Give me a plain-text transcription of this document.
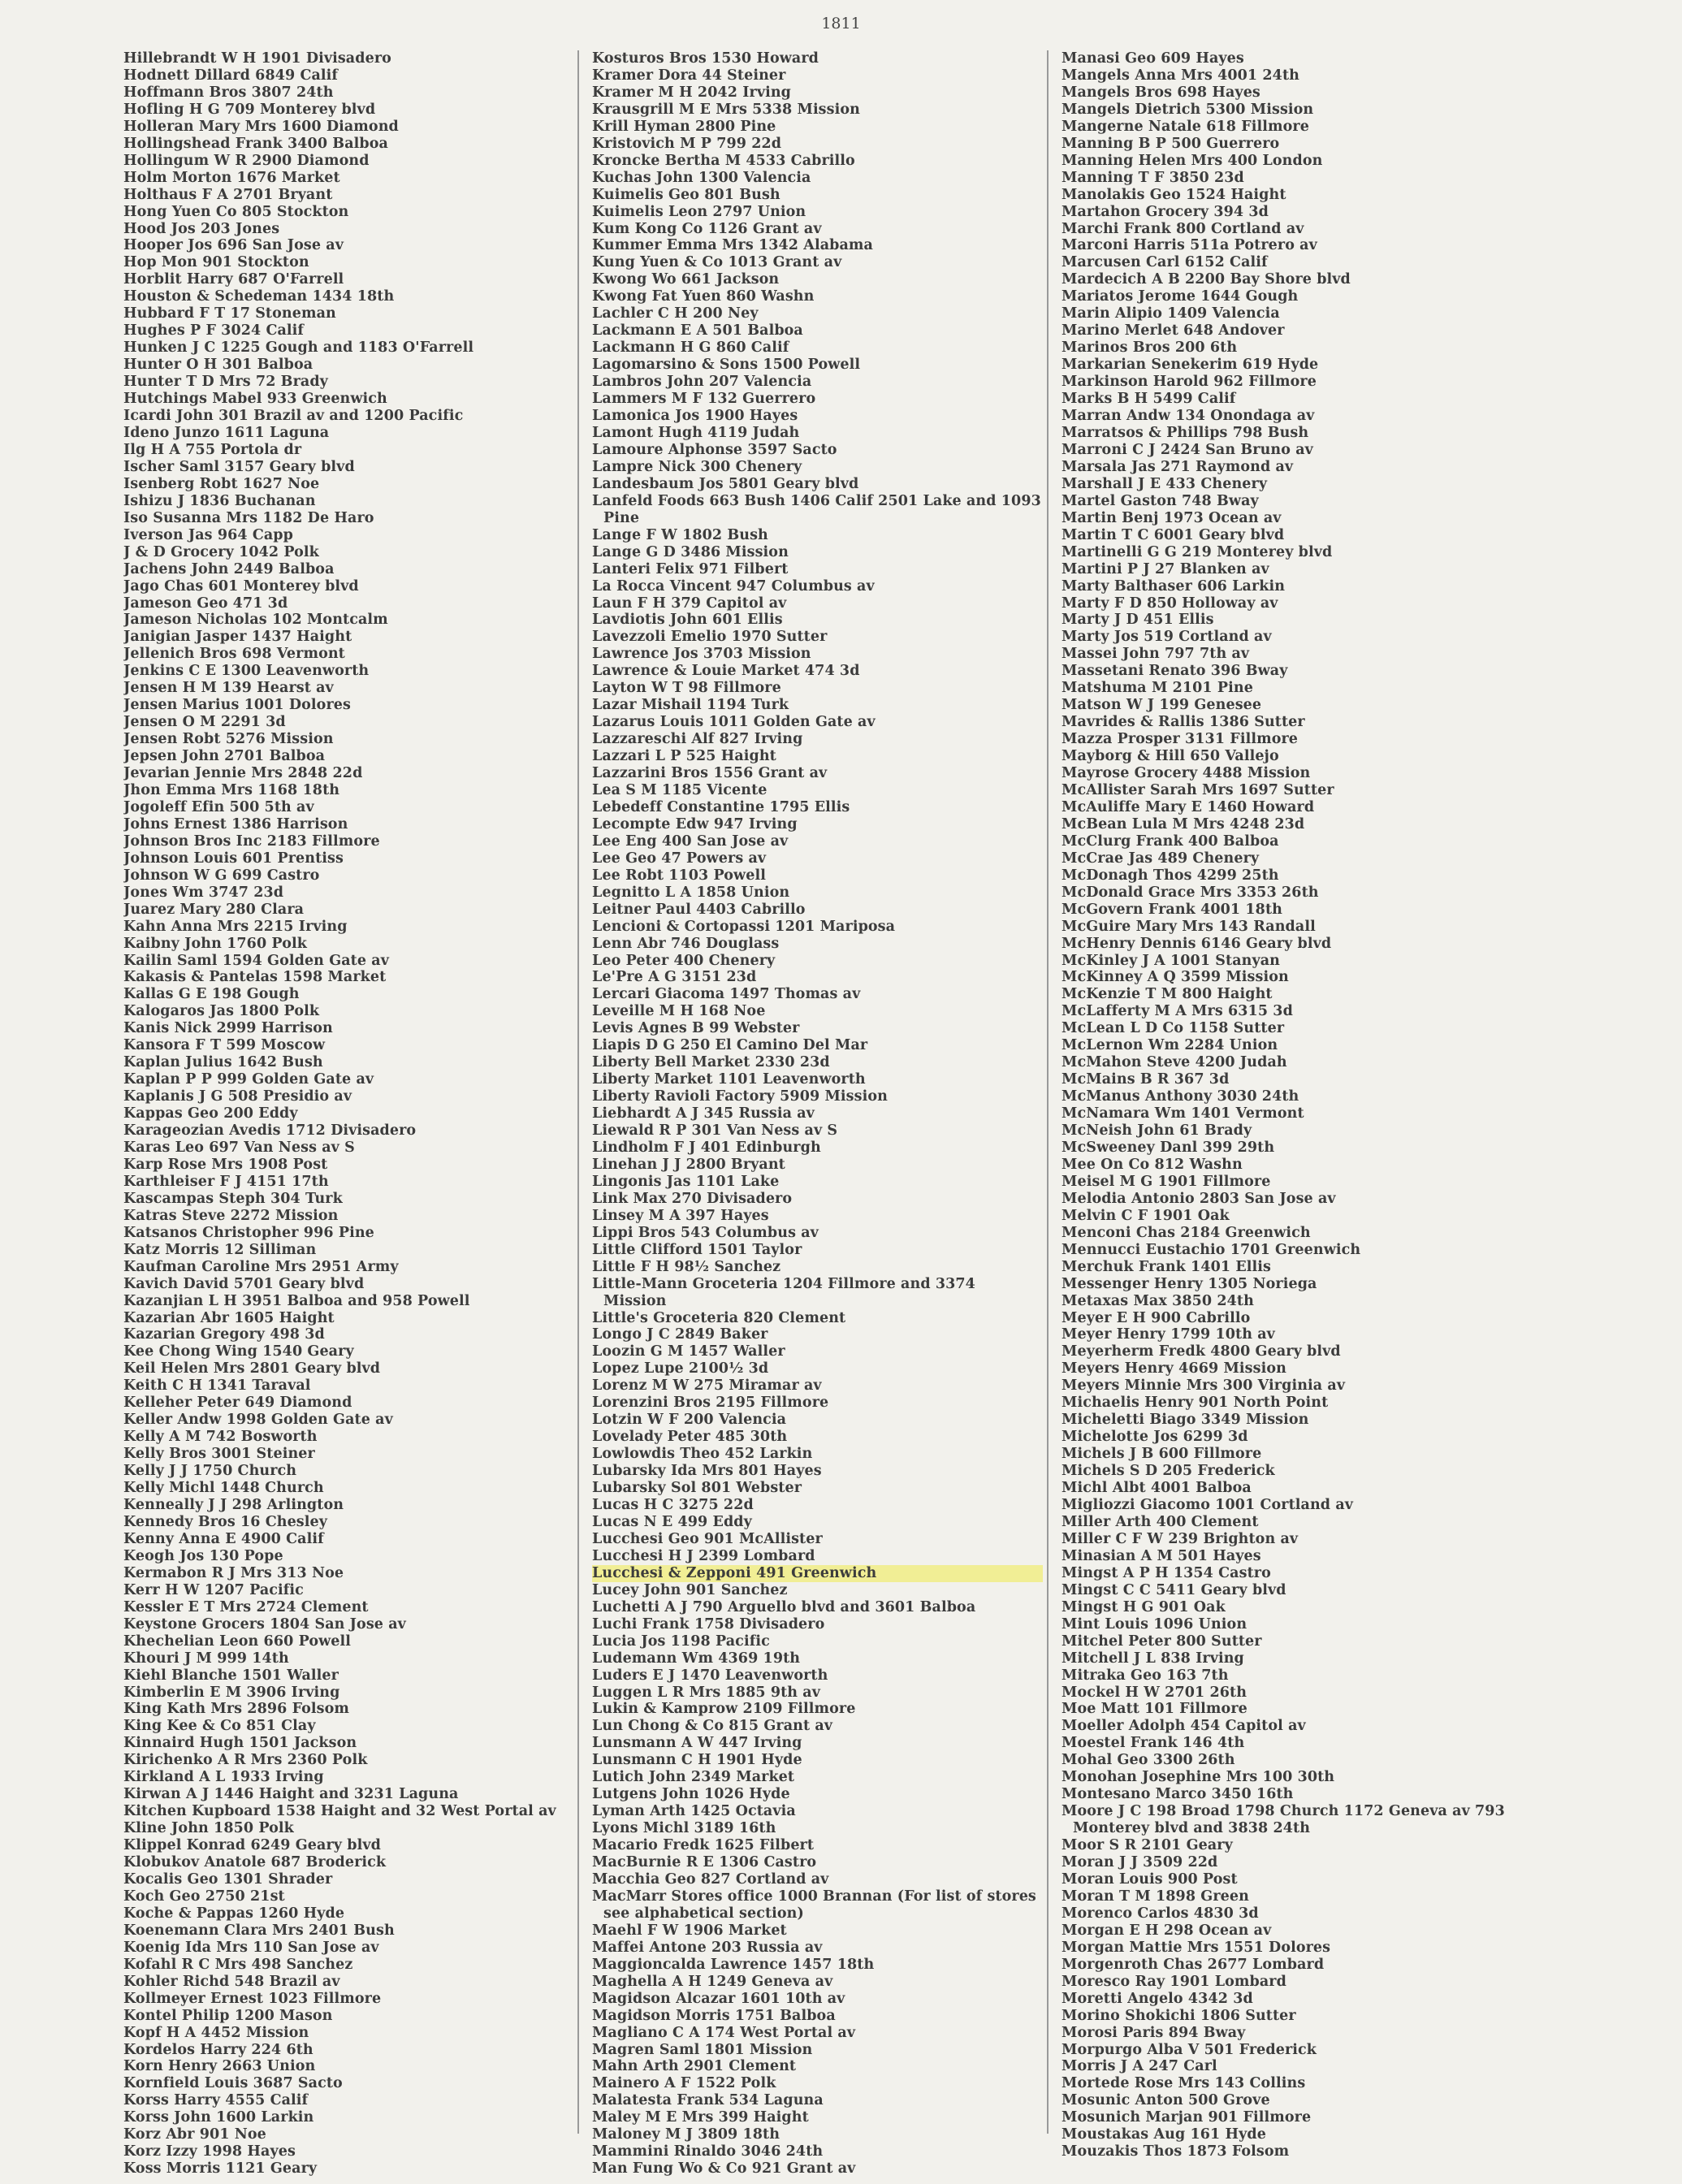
1811
Hillebrandt W H 1901 Divisadero
Hodnett Dillard 6849 Calif
Hoffmann Bros 3807 24th
Hofling H G 709 Monterey blvd
Holleran Mary Mrs 1600 Diamond
Hollingshead Frank 3400 Balboa
Hollingum W R 2900 Diamond
Holm Morton 1676 Market
Holthaus F A 2701 Bryant
Hong Yuen Co 805 Stockton
Hood Jos 203 Jones
Hooper Jos 696 San Jose av
Hop Mon 901 Stockton
Horblit Harry 687 O'Farrell
Houston & Schedeman 1434 18th
Hubbard F T 17 Stoneman
Hughes P F 3024 Calif
Hunken J C 1225 Gough and 1183 O'Farrell
Hunter O H 301 Balboa
Hunter T D Mrs 72 Brady
Hutchings Mabel 933 Greenwich
Icardi John 301 Brazil av and 1200 Pacific
Ideno Junzo 1611 Laguna
Ilg H A 755 Portola dr
Ischer Saml 3157 Geary blvd
Isenberg Robt 1627 Noe
Ishizu J 1836 Buchanan
Iso Susanna Mrs 1182 De Haro
Iverson Jas 964 Capp
J & D Grocery 1042 Polk
Jachens John 2449 Balboa
Jago Chas 601 Monterey blvd
Jameson Geo 471 3d
Jameson Nicholas 102 Montcalm
Janigian Jasper 1437 Haight
Jellenich Bros 698 Vermont
Jenkins C E 1300 Leavenworth
Jensen H M 139 Hearst av
Jensen Marius 1001 Dolores
Jensen O M 2291 3d
Jensen Robt 5276 Mission
Jepsen John 2701 Balboa
Jevarian Jennie Mrs 2848 22d
Jhon Emma Mrs 1168 18th
Jogoleff Efin 500 5th av
Johns Ernest 1386 Harrison
Johnson Bros Inc 2183 Fillmore
Johnson Louis 601 Prentiss
Johnson W G 699 Castro
Jones Wm 3747 23d
Juarez Mary 280 Clara
Kahn Anna Mrs 2215 Irving
Kaibny John 1760 Polk
Kailin Saml 1594 Golden Gate av
Kakasis & Pantelas 1598 Market
Kallas G E 198 Gough
Kalogaros Jas 1800 Polk
Kanis Nick 2999 Harrison
Kansora F T 599 Moscow
Kaplan Julius 1642 Bush
Kaplan P P 999 Golden Gate av
Kaplanis J G 508 Presidio av
Kappas Geo 200 Eddy
Karageozian Avedis 1712 Divisadero
Karas Leo 697 Van Ness av S
Karp Rose Mrs 1908 Post
Karthleiser F J 4151 17th
Kascampas Steph 304 Turk
Katras Steve 2272 Mission
Katsanos Christopher 996 Pine
Katz Morris 12 Silliman
Kaufman Caroline Mrs 2951 Army
Kavich David 5701 Geary blvd
Kazanjian L H 3951 Balboa and 958 Powell
Kazarian Abr 1605 Haight
Kazarian Gregory 498 3d
Kee Chong Wing 1540 Geary
Keil Helen Mrs 2801 Geary blvd
Keith C H 1341 Taraval
Kelleher Peter 649 Diamond
Keller Andw 1998 Golden Gate av
Kelly A M 742 Bosworth
Kelly Bros 3001 Steiner
Kelly J J 1750 Church
Kelly Michl 1448 Church
Kenneally J J 298 Arlington
Kennedy Bros 16 Chesley
Kenny Anna E 4900 Calif
Keogh Jos 130 Pope
Kermabon R J Mrs 313 Noe
Kerr H W 1207 Pacific
Kessler E T Mrs 2724 Clement
Keystone Grocers 1804 San Jose av
Khechelian Leon 660 Powell
Khouri J M 999 14th
Kiehl Blanche 1501 Waller
Kimberlin E M 3906 Irving
King Kath Mrs 2896 Folsom
King Kee & Co 851 Clay
Kinnaird Hugh 1501 Jackson
Kirichenko A R Mrs 2360 Polk
Kirkland A L 1933 Irving
Kirwan A J 1446 Haight and 3231 Laguna
Kitchen Kupboard 1538 Haight and 32 West Portal av
Kline John 1850 Polk
Klippel Konrad 6249 Geary blvd
Klobukov Anatole 687 Broderick
Kocalis Geo 1301 Shrader
Koch Geo 2750 21st
Koche & Pappas 1260 Hyde
Koenemann Clara Mrs 2401 Bush
Koenig Ida Mrs 110 San Jose av
Kofahl R C Mrs 498 Sanchez
Kohler Richd 548 Brazil av
Kollmeyer Ernest 1023 Fillmore
Kontel Philip 1200 Mason
Kopf H A 4452 Mission
Kordelos Harry 224 6th
Korn Henry 2663 Union
Kornfield Louis 3687 Sacto
Korss Harry 4555 Calif
Korss John 1600 Larkin
Korz Abr 901 Noe
Korz Izzy 1998 Hayes
Koss Morris 1121 Geary
Kosturos Bros 1530 Howard
Kramer Dora 44 Steiner
Kramer M H 2042 Irving
Krausgrill M E Mrs 5338 Mission
Krill Hyman 2800 Pine
Kristovich M P 799 22d
Kroncke Bertha M 4533 Cabrillo
Kuchas John 1300 Valencia
Kuimelis Geo 801 Bush
Kuimelis Leon 2797 Union
Kum Kong Co 1126 Grant av
Kummer Emma Mrs 1342 Alabama
Kung Yuen & Co 1013 Grant av
Kwong Wo 661 Jackson
Kwong Fat Yuen 860 Washn
Lachler C H 200 Ney
Lackmann E A 501 Balboa
Lackmann H G 860 Calif
Lagomarsino & Sons 1500 Powell
Lambros John 207 Valencia
Lammers M F 132 Guerrero
Lamonica Jos 1900 Hayes
Lamont Hugh 4119 Judah
Lamoure Alphonse 3597 Sacto
Lampre Nick 300 Chenery
Landesbaum Jos 5801 Geary blvd
Lanfeld Foods 663 Bush 1406 Calif 2501 Lake and 1093 Pine
Lange F W 1802 Bush
Lange G D 3486 Mission
Lanteri Felix 971 Filbert
La Rocca Vincent 947 Columbus av
Laun F H 379 Capitol av
Lavdiotis John 601 Ellis
Lavezzoli Emelio 1970 Sutter
Lawrence Jos 3703 Mission
Lawrence & Louie Market 474 3d
Layton W T 98 Fillmore
Lazar Mishail 1194 Turk
Lazarus Louis 1011 Golden Gate av
Lazzareschi Alf 827 Irving
Lazzari L P 525 Haight
Lazzarini Bros 1556 Grant av
Lea S M 1185 Vicente
Lebedeff Constantine 1795 Ellis
Lecompte Edw 947 Irving
Lee Eng 400 San Jose av
Lee Geo 47 Powers av
Lee Robt 1103 Powell
Legnitto L A 1858 Union
Leitner Paul 4403 Cabrillo
Lencioni & Cortopassi 1201 Mariposa
Lenn Abr 746 Douglass
Leo Peter 400 Chenery
Le'Pre A G 3151 23d
Lercari Giacoma 1497 Thomas av
Leveille M H 168 Noe
Levis Agnes B 99 Webster
Liapis D G 250 El Camino Del Mar
Liberty Bell Market 2330 23d
Liberty Market 1101 Leavenworth
Liberty Ravioli Factory 5909 Mission
Liebhardt A J 345 Russia av
Liewald R P 301 Van Ness av S
Lindholm F J 401 Edinburgh
Linehan J J 2800 Bryant
Lingonis Jas 1101 Lake
Link Max 270 Divisadero
Linsey M A 397 Hayes
Lippi Bros 543 Columbus av
Little Clifford 1501 Taylor
Little F H 98½ Sanchez
Little-Mann Groceteria 1204 Fillmore and 3374 Mission
Little's Groceteria 820 Clement
Longo J C 2849 Baker
Loozin G M 1457 Waller
Lopez Lupe 2100½ 3d
Lorenz M W 275 Miramar av
Lorenzini Bros 2195 Fillmore
Lotzin W F 200 Valencia
Lovelady Peter 485 30th
Lowlowdis Theo 452 Larkin
Lubarsky Ida Mrs 801 Hayes
Lubarsky Sol 801 Webster
Lucas H C 3275 22d
Lucas N E 499 Eddy
Lucchesi Geo 901 McAllister
Lucchesi H J 2399 Lombard
Lucchesi & Zepponi 491 Greenwich
Lucey John 901 Sanchez
Luchetti A J 790 Arguello blvd and 3601 Balboa
Luchi Frank 1758 Divisadero
Lucia Jos 1198 Pacific
Ludemann Wm 4369 19th
Luders E J 1470 Leavenworth
Luggen L R Mrs 1885 9th av
Lukin & Kamprow 2109 Fillmore
Lun Chong & Co 815 Grant av
Lunsmann A W 447 Irving
Lunsmann C H 1901 Hyde
Lutich John 2349 Market
Lutgens John 1026 Hyde
Lyman Arth 1425 Octavia
Lyons Michl 3189 16th
Macario Fredk 1625 Filbert
MacBurnie R E 1306 Castro
Macchia Geo 827 Cortland av
MacMarr Stores office 1000 Brannan (For list of stores see alphabetical section)
Maehl F W 1906 Market
Maffei Antone 203 Russia av
Maggioncalda Lawrence 1457 18th
Maghella A H 1249 Geneva av
Magidson Alcazar 1601 10th av
Magidson Morris 1751 Balboa
Magliano C A 174 West Portal av
Magren Saml 1801 Mission
Mahn Arth 2901 Clement
Mainero A F 1522 Polk
Malatesta Frank 534 Laguna
Maley M E Mrs 399 Haight
Maloney M J 3809 18th
Mammini Rinaldo 3046 24th
Man Fung Wo & Co 921 Grant av
Manasi Geo 609 Hayes
Mangels Anna Mrs 4001 24th
Mangels Bros 698 Hayes
Mangels Dietrich 5300 Mission
Mangerne Natale 618 Fillmore
Manning B P 500 Guerrero
Manning Helen Mrs 400 London
Manning T F 3850 23d
Manolakis Geo 1524 Haight
Martahon Grocery 394 3d
Marchi Frank 800 Cortland av
Marconi Harris 511a Potrero av
Marcusen Carl 6152 Calif
Mardecich A B 2200 Bay Shore blvd
Mariatos Jerome 1644 Gough
Marin Alipio 1409 Valencia
Marino Merlet 648 Andover
Marinos Bros 200 6th
Markarian Senekerim 619 Hyde
Markinson Harold 962 Fillmore
Marks B H 5499 Calif
Marran Andw 134 Onondaga av
Marratsos & Phillips 798 Bush
Marroni C J 2424 San Bruno av
Marsala Jas 271 Raymond av
Marshall J E 433 Chenery
Martel Gaston 748 Bway
Martin Benj 1973 Ocean av
Martin T C 6001 Geary blvd
Martinelli G G 219 Monterey blvd
Martini P J 27 Blanken av
Marty Balthaser 606 Larkin
Marty F D 850 Holloway av
Marty J D 451 Ellis
Marty Jos 519 Cortland av
Massei John 797 7th av
Massetani Renato 396 Bway
Matshuma M 2101 Pine
Matson W J 199 Genesee
Mavrides & Rallis 1386 Sutter
Mazza Prosper 3131 Fillmore
Mayborg & Hill 650 Vallejo
Mayrose Grocery 4488 Mission
McAllister Sarah Mrs 1697 Sutter
McAuliffe Mary E 1460 Howard
McBean Lula M Mrs 4248 23d
McClurg Frank 400 Balboa
McCrae Jas 489 Chenery
McDonagh Thos 4299 25th
McDonald Grace Mrs 3353 26th
McGovern Frank 4001 18th
McGuire Mary Mrs 143 Randall
McHenry Dennis 6146 Geary blvd
McKinley J A 1001 Stanyan
McKinney A Q 3599 Mission
McKenzie T M 800 Haight
McLafferty M A Mrs 6315 3d
McLean L D Co 1158 Sutter
McLernon Wm 2284 Union
McMahon Steve 4200 Judah
McMains B R 367 3d
McManus Anthony 3030 24th
McNamara Wm 1401 Vermont
McNeish John 61 Brady
McSweeney Danl 399 29th
Mee On Co 812 Washn
Meisel M G 1901 Fillmore
Melodia Antonio 2803 San Jose av
Melvin C F 1901 Oak
Menconi Chas 2184 Greenwich
Mennucci Eustachio 1701 Greenwich
Merchuk Frank 1401 Ellis
Messenger Henry 1305 Noriega
Metaxas Max 3850 24th
Meyer E H 900 Cabrillo
Meyer Henry 1799 10th av
Meyerherm Fredk 4800 Geary blvd
Meyers Henry 4669 Mission
Meyers Minnie Mrs 300 Virginia av
Michaelis Henry 901 North Point
Micheletti Biago 3349 Mission
Michelotte Jos 6299 3d
Michels J B 600 Fillmore
Michels S D 205 Frederick
Michl Albt 4001 Balboa
Migliozzi Giacomo 1001 Cortland av
Miller Arth 400 Clement
Miller C F W 239 Brighton av
Minasian A M 501 Hayes
Mingst A P H 1354 Castro
Mingst C C 5411 Geary blvd
Mingst H G 901 Oak
Mint Louis 1096 Union
Mitchel Peter 800 Sutter
Mitchell J L 838 Irving
Mitraka Geo 163 7th
Mockel H W 2701 26th
Moe Matt 101 Fillmore
Moeller Adolph 454 Capitol av
Moestel Frank 146 4th
Mohal Geo 3300 26th
Monohan Josephine Mrs 100 30th
Montesano Marco 3450 16th
Moore J C 198 Broad 1798 Church 1172 Geneva av 793 Monterey blvd and 3838 24th
Moor S R 2101 Geary
Moran J J 3509 22d
Moran Louis 900 Post
Moran T M 1898 Green
Morenco Carlos 4830 3d
Morgan E H 298 Ocean av
Morgan Mattie Mrs 1551 Dolores
Morgenroth Chas 2677 Lombard
Moresco Ray 1901 Lombard
Moretti Angelo 4342 3d
Morino Shokichi 1806 Sutter
Morosi Paris 894 Bway
Morpurgo Alba V 501 Frederick
Morris J A 247 Carl
Mortede Rose Mrs 143 Collins
Mosunic Anton 500 Grove
Mosunich Marjan 901 Fillmore
Moustakas Aug 161 Hyde
Mouzakis Thos 1873 Folsom
